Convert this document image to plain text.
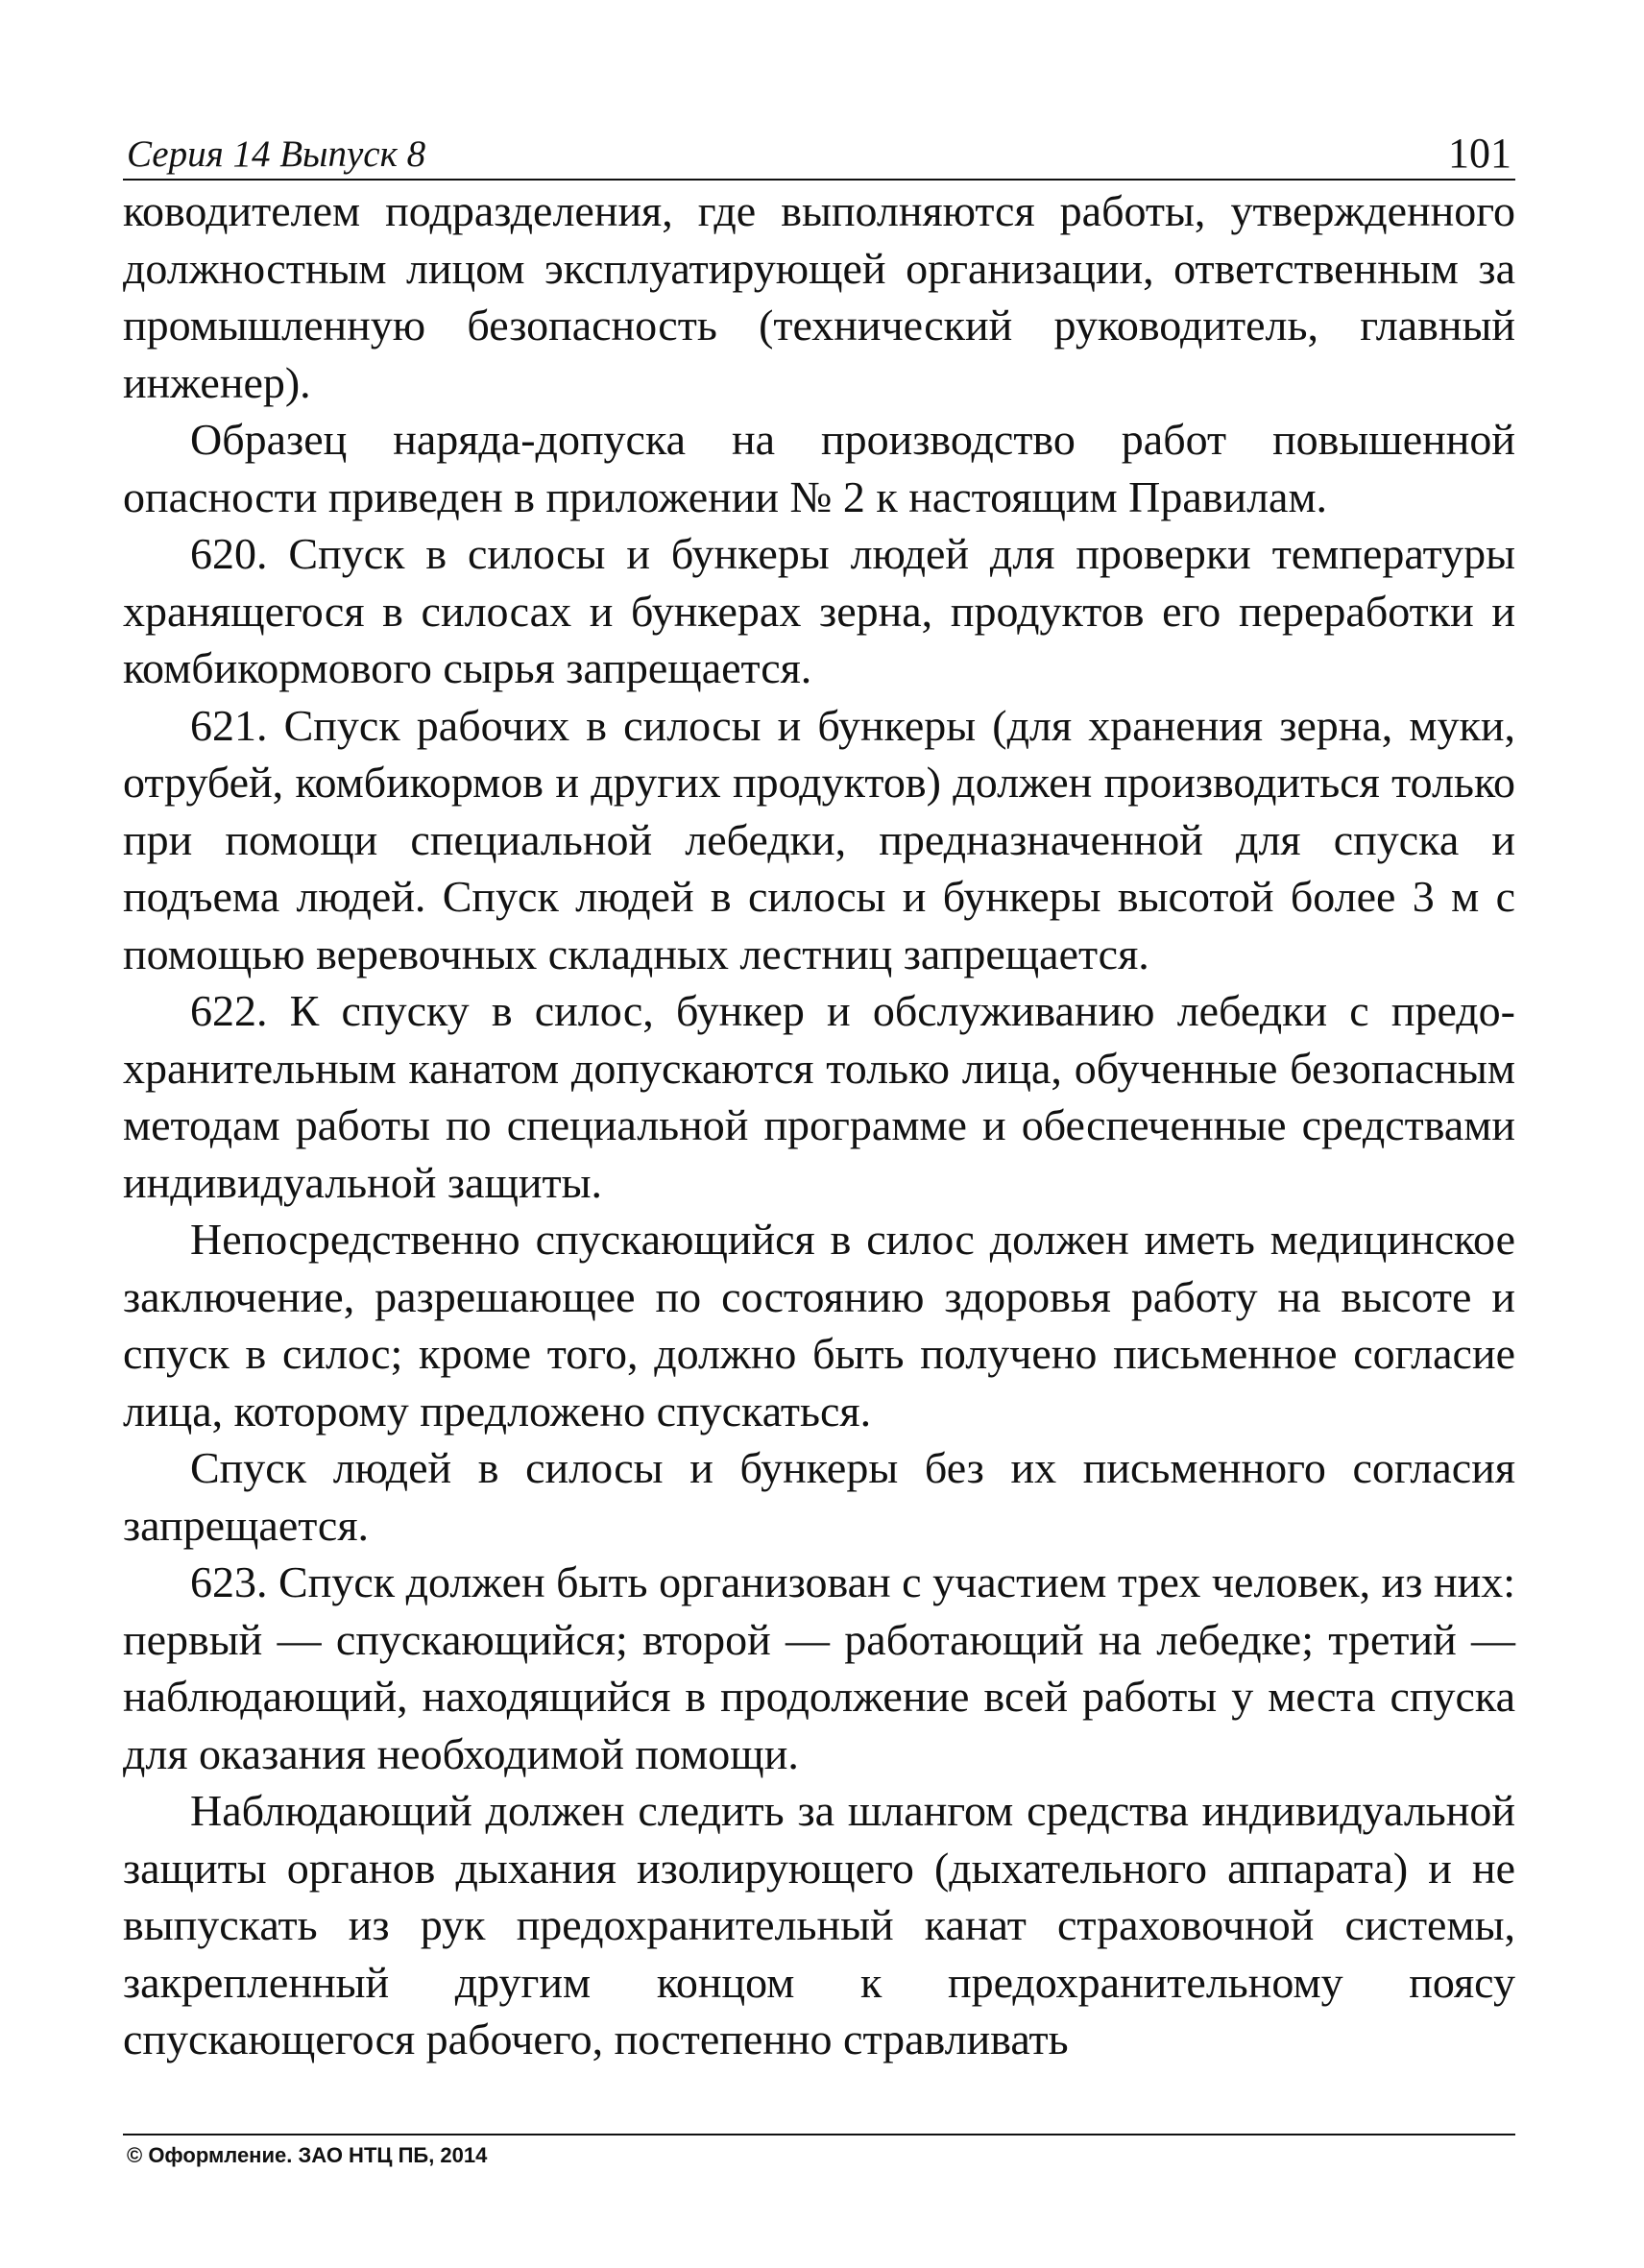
Серия 14 Выпуск 8	101

ководителем подразделения, где выполняются работы, утвержденного должностным лицом эксплуатирующей организации, ответственным за промышленную безопасность (технический руководитель, главный инженер).

Образец наряда-допуска на производство работ повышенной опасности приведен в приложении № 2 к настоящим Правилам.

620. Спуск в силосы и бункеры людей для проверки температуры хранящегося в силосах и бункерах зерна, продуктов его переработки и комбикормового сырья запрещается.

621. Спуск рабочих в силосы и бункеры (для хранения зерна, муки, отрубей, комбикормов и других продуктов) должен производиться только при помощи специальной лебедки, предназначенной для спуска и подъема людей. Спуск людей в силосы и бункеры высотой более 3 м с помощью веревочных складных лестниц запрещается.

622. К спуску в силос, бункер и обслуживанию лебедки с предохранительным канатом допускаются только лица, обученные безопасным методам работы по специальной программе и обеспеченные средствами индивидуальной защиты.

Непосредственно спускающийся в силос должен иметь медицинское заключение, разрешающее по состоянию здоровья работу на высоте и спуск в силос; кроме того, должно быть получено письменное согласие лица, которому предложено спускаться.

Спуск людей в силосы и бункеры без их письменного согласия запрещается.

623. Спуск должен быть организован с участием трех человек, из них: первый — спускающийся; второй — работающий на лебедке; третий — наблюдающий, находящийся в продолжение всей работы у места спуска для оказания необходимой помощи.

Наблюдающий должен следить за шлангом средства индивидуальной защиты органов дыхания изолирующего (дыхательного аппарата) и не выпускать из рук предохранительный канат страховочной системы, закрепленный другим концом к предохранительному поясу спускающегося рабочего, постепенно стравливать

© Оформление. ЗАО НТЦ ПБ, 2014
